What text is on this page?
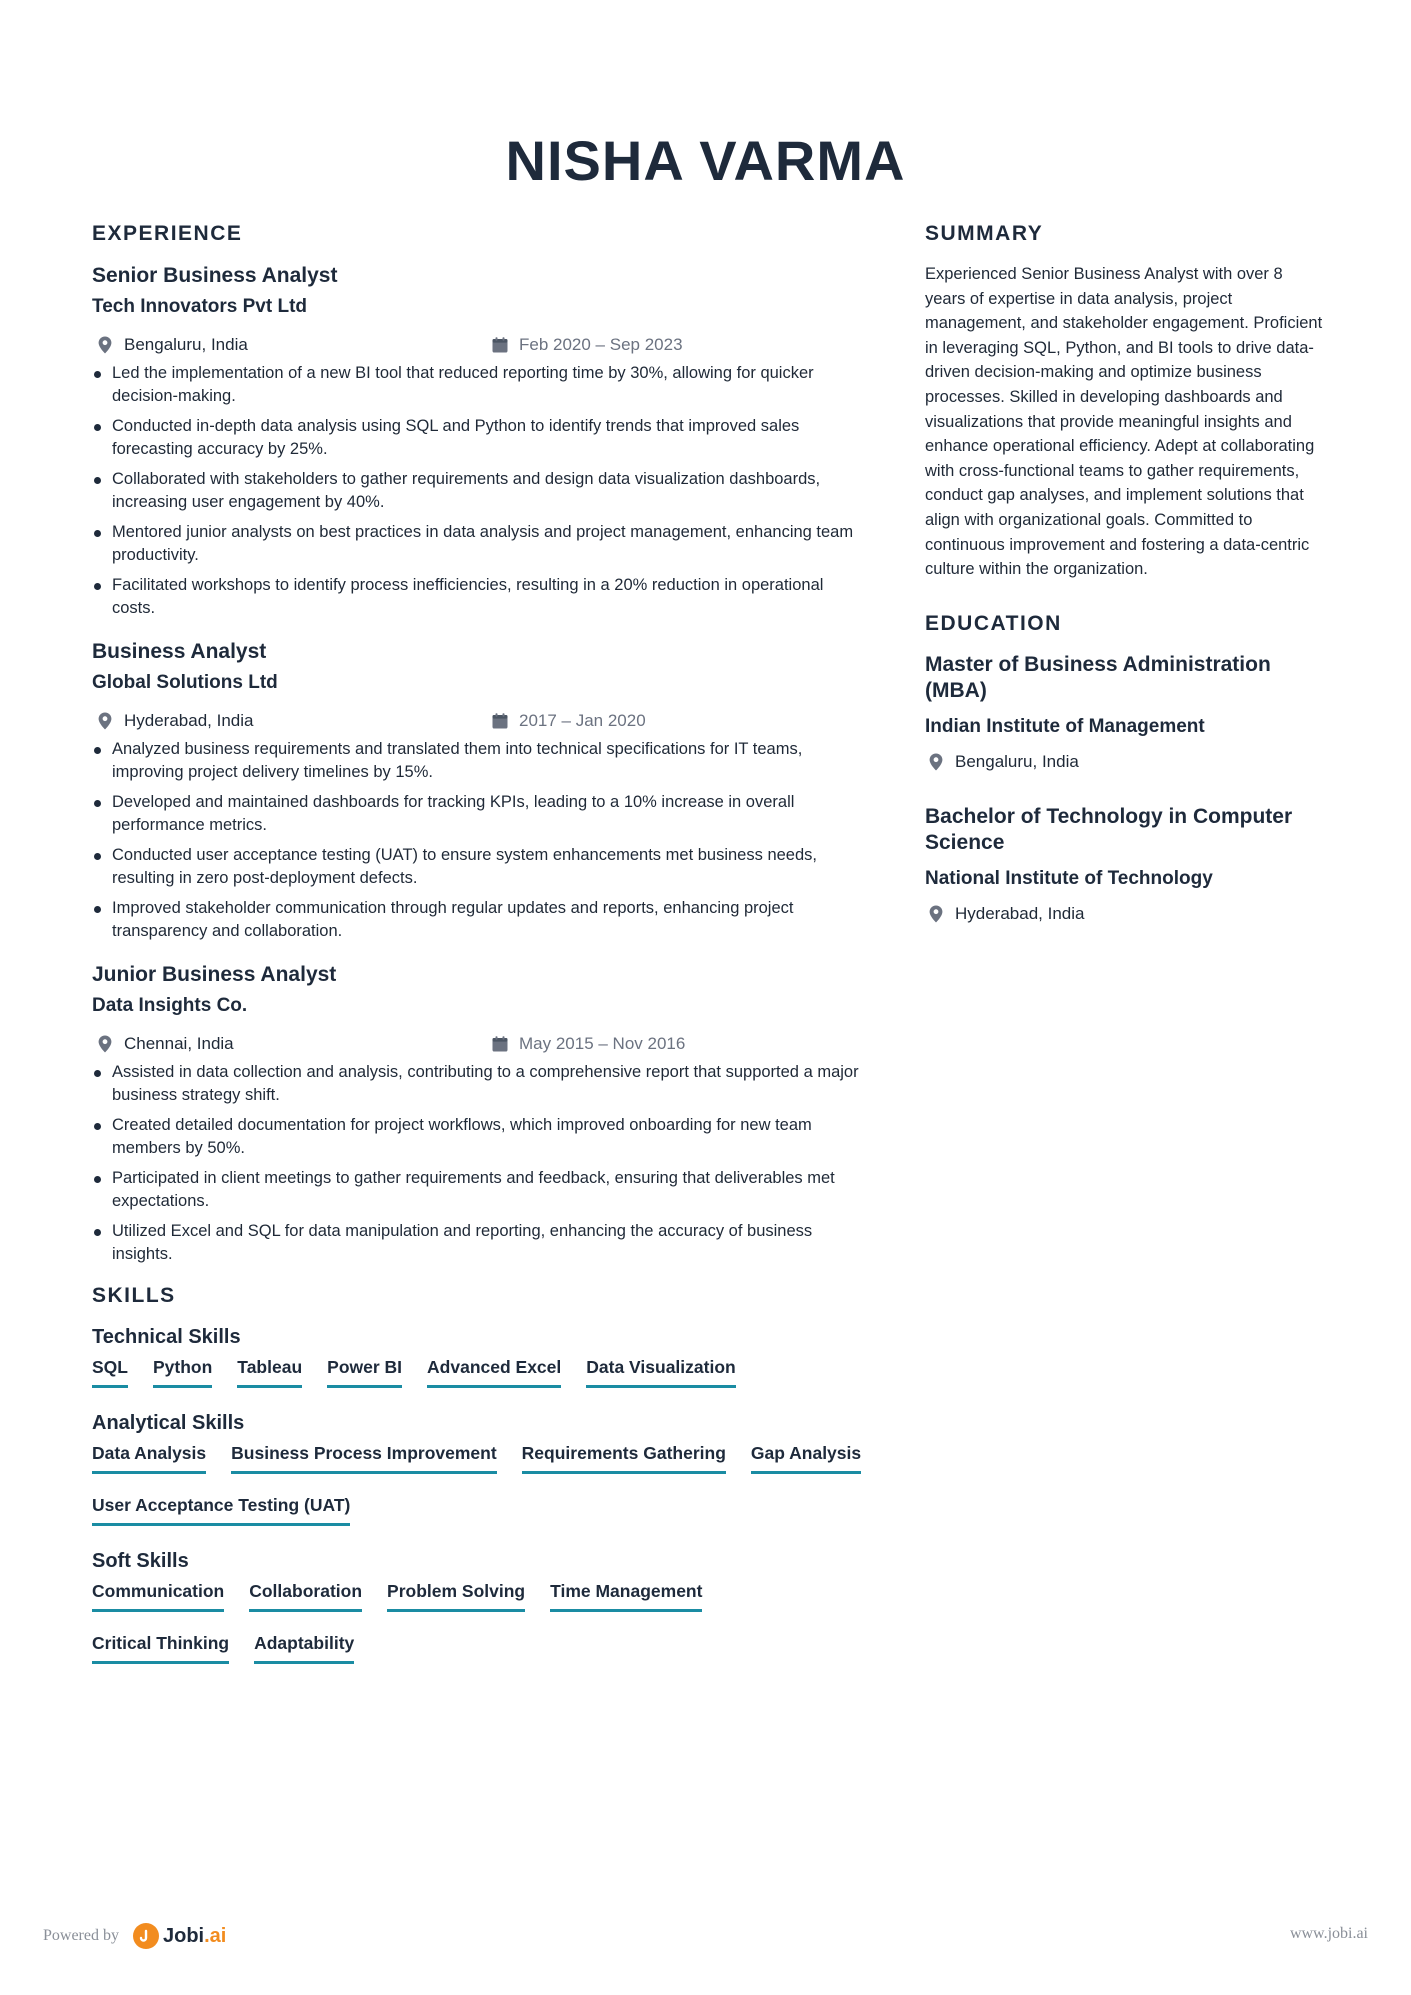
NISHA VARMA
EXPERIENCE
Senior Business Analyst
Tech Innovators Pvt Ltd
Bengaluru, India	Feb 2020 – Sep 2023
Led the implementation of a new BI tool that reduced reporting time by 30%, allowing for quicker decision-making.
Conducted in-depth data analysis using SQL and Python to identify trends that improved sales forecasting accuracy by 25%.
Collaborated with stakeholders to gather requirements and design data visualization dashboards, increasing user engagement by 40%.
Mentored junior analysts on best practices in data analysis and project management, enhancing team productivity.
Facilitated workshops to identify process inefficiencies, resulting in a 20% reduction in operational costs.
Business Analyst
Global Solutions Ltd
Hyderabad, India	2017 – Jan 2020
Analyzed business requirements and translated them into technical specifications for IT teams, improving project delivery timelines by 15%.
Developed and maintained dashboards for tracking KPIs, leading to a 10% increase in overall performance metrics.
Conducted user acceptance testing (UAT) to ensure system enhancements met business needs, resulting in zero post-deployment defects.
Improved stakeholder communication through regular updates and reports, enhancing project transparency and collaboration.
Junior Business Analyst
Data Insights Co.
Chennai, India	May 2015 – Nov 2016
Assisted in data collection and analysis, contributing to a comprehensive report that supported a major business strategy shift.
Created detailed documentation for project workflows, which improved onboarding for new team members by 50%.
Participated in client meetings to gather requirements and feedback, ensuring that deliverables met expectations.
Utilized Excel and SQL for data manipulation and reporting, enhancing the accuracy of business insights.
SKILLS
Technical Skills
SQL Python Tableau Power BI Advanced Excel Data Visualization
Analytical Skills
Data Analysis Business Process Improvement Requirements Gathering Gap Analysis
User Acceptance Testing (UAT)
Soft Skills
Communication Collaboration Problem Solving Time Management
Critical Thinking Adaptability
SUMMARY

Experienced Senior Business Analyst with over 8 years of expertise in data analysis, project management, and stakeholder engagement. Proficient in leveraging SQL, Python, and BI tools to drive data-driven decision-making and optimize business processes. Skilled in developing dashboards and visualizations that provide meaningful insights and enhance operational efficiency. Adept at collaborating with cross-functional teams to gather requirements, conduct gap analyses, and implement solutions that align with organizational goals. Committed to continuous improvement and fostering a data-centric culture within the organization.

EDUCATION
Master of Business Administration (MBA)
Indian Institute of Management
Bengaluru, India
Bachelor of Technology in Computer Science
National Institute of Technology
Hyderabad, India
Powered by Jobi.ai	www.jobi.ai
